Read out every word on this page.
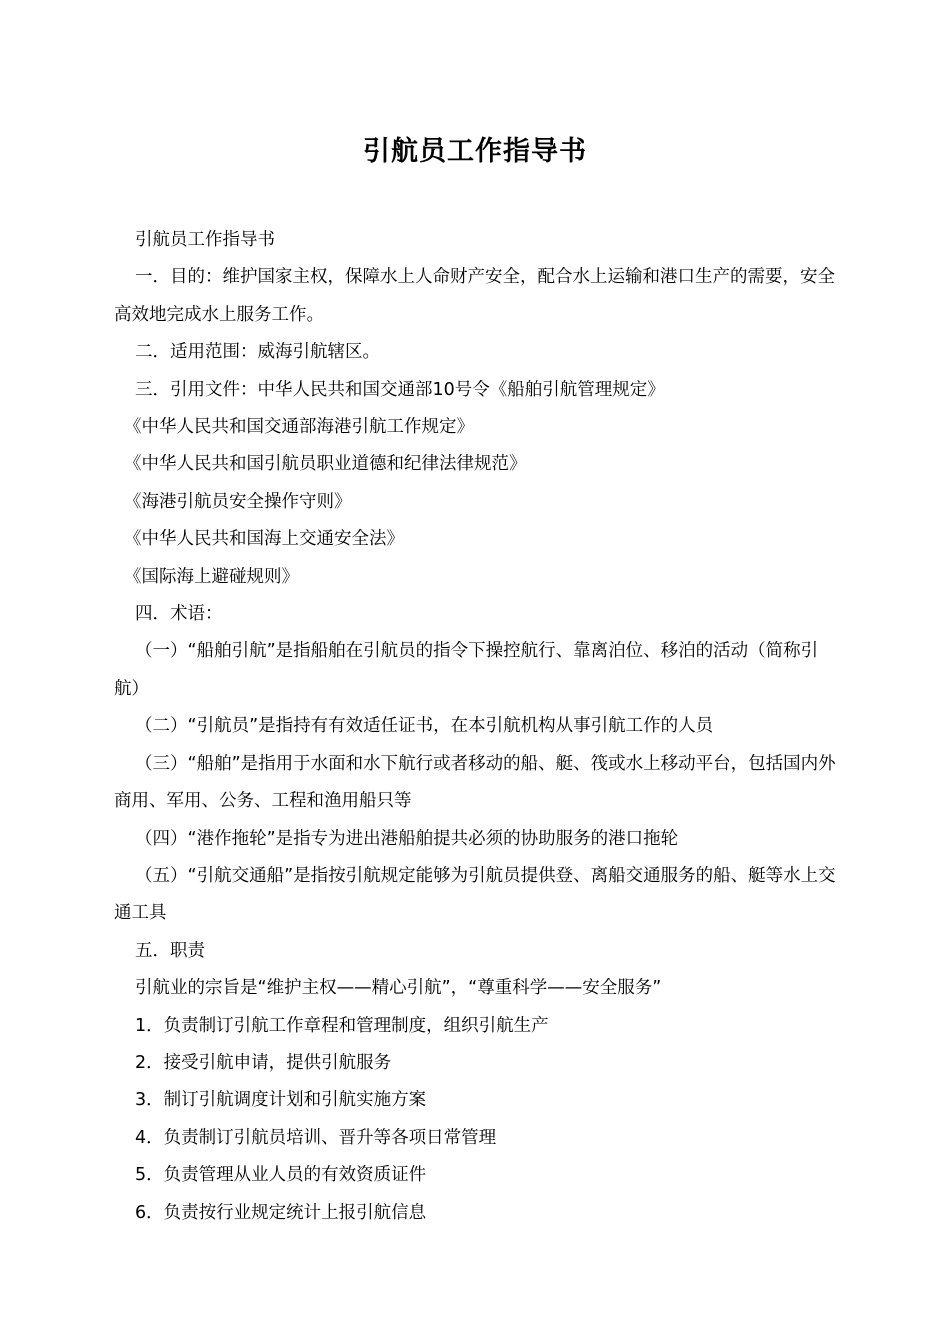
引航员工作指导书

引航员工作指导书

一．目的：维护国家主权，保障水上人命财产安全，配合水上运输和港口生产的需要，安全高效地完成水上服务工作。

二．适用范围：威海引航辖区。

三．引用文件：中华人民共和国交通部10号令《船舶引航管理规定》

《中华人民共和国交通部海港引航工作规定》

《中华人民共和国引航员职业道德和纪律法律规范》

《海港引航员安全操作守则》

《中华人民共和国海上交通安全法》

《国际海上避碰规则》

四．术语：

（一）“船舶引航”是指船舶在引航员的指令下操控航行、靠离泊位、移泊的活动（简称引航）

（二）“引航员”是指持有有效适任证书，在本引航机构从事引航工作的人员

（三）“船舶”是指用于水面和水下航行或者移动的船、艇、筏或水上移动平台，包括国内外商用、军用、公务、工程和渔用船只等

（四）“港作拖轮”是指专为进出港船舶提共必须的协助服务的港口拖轮

（五）“引航交通船”是指按引航规定能够为引航员提供登、离船交通服务的船、艇等水上交通工具

五．职责

引航业的宗旨是“维护主权——精心引航”，“尊重科学——安全服务”

1．负责制订引航工作章程和管理制度，组织引航生产

2．接受引航申请，提供引航服务

3．制订引航调度计划和引航实施方案

4．负责制订引航员培训、晋升等各项日常管理

5．负责管理从业人员的有效资质证件

6．负责按行业规定统计上报引航信息
